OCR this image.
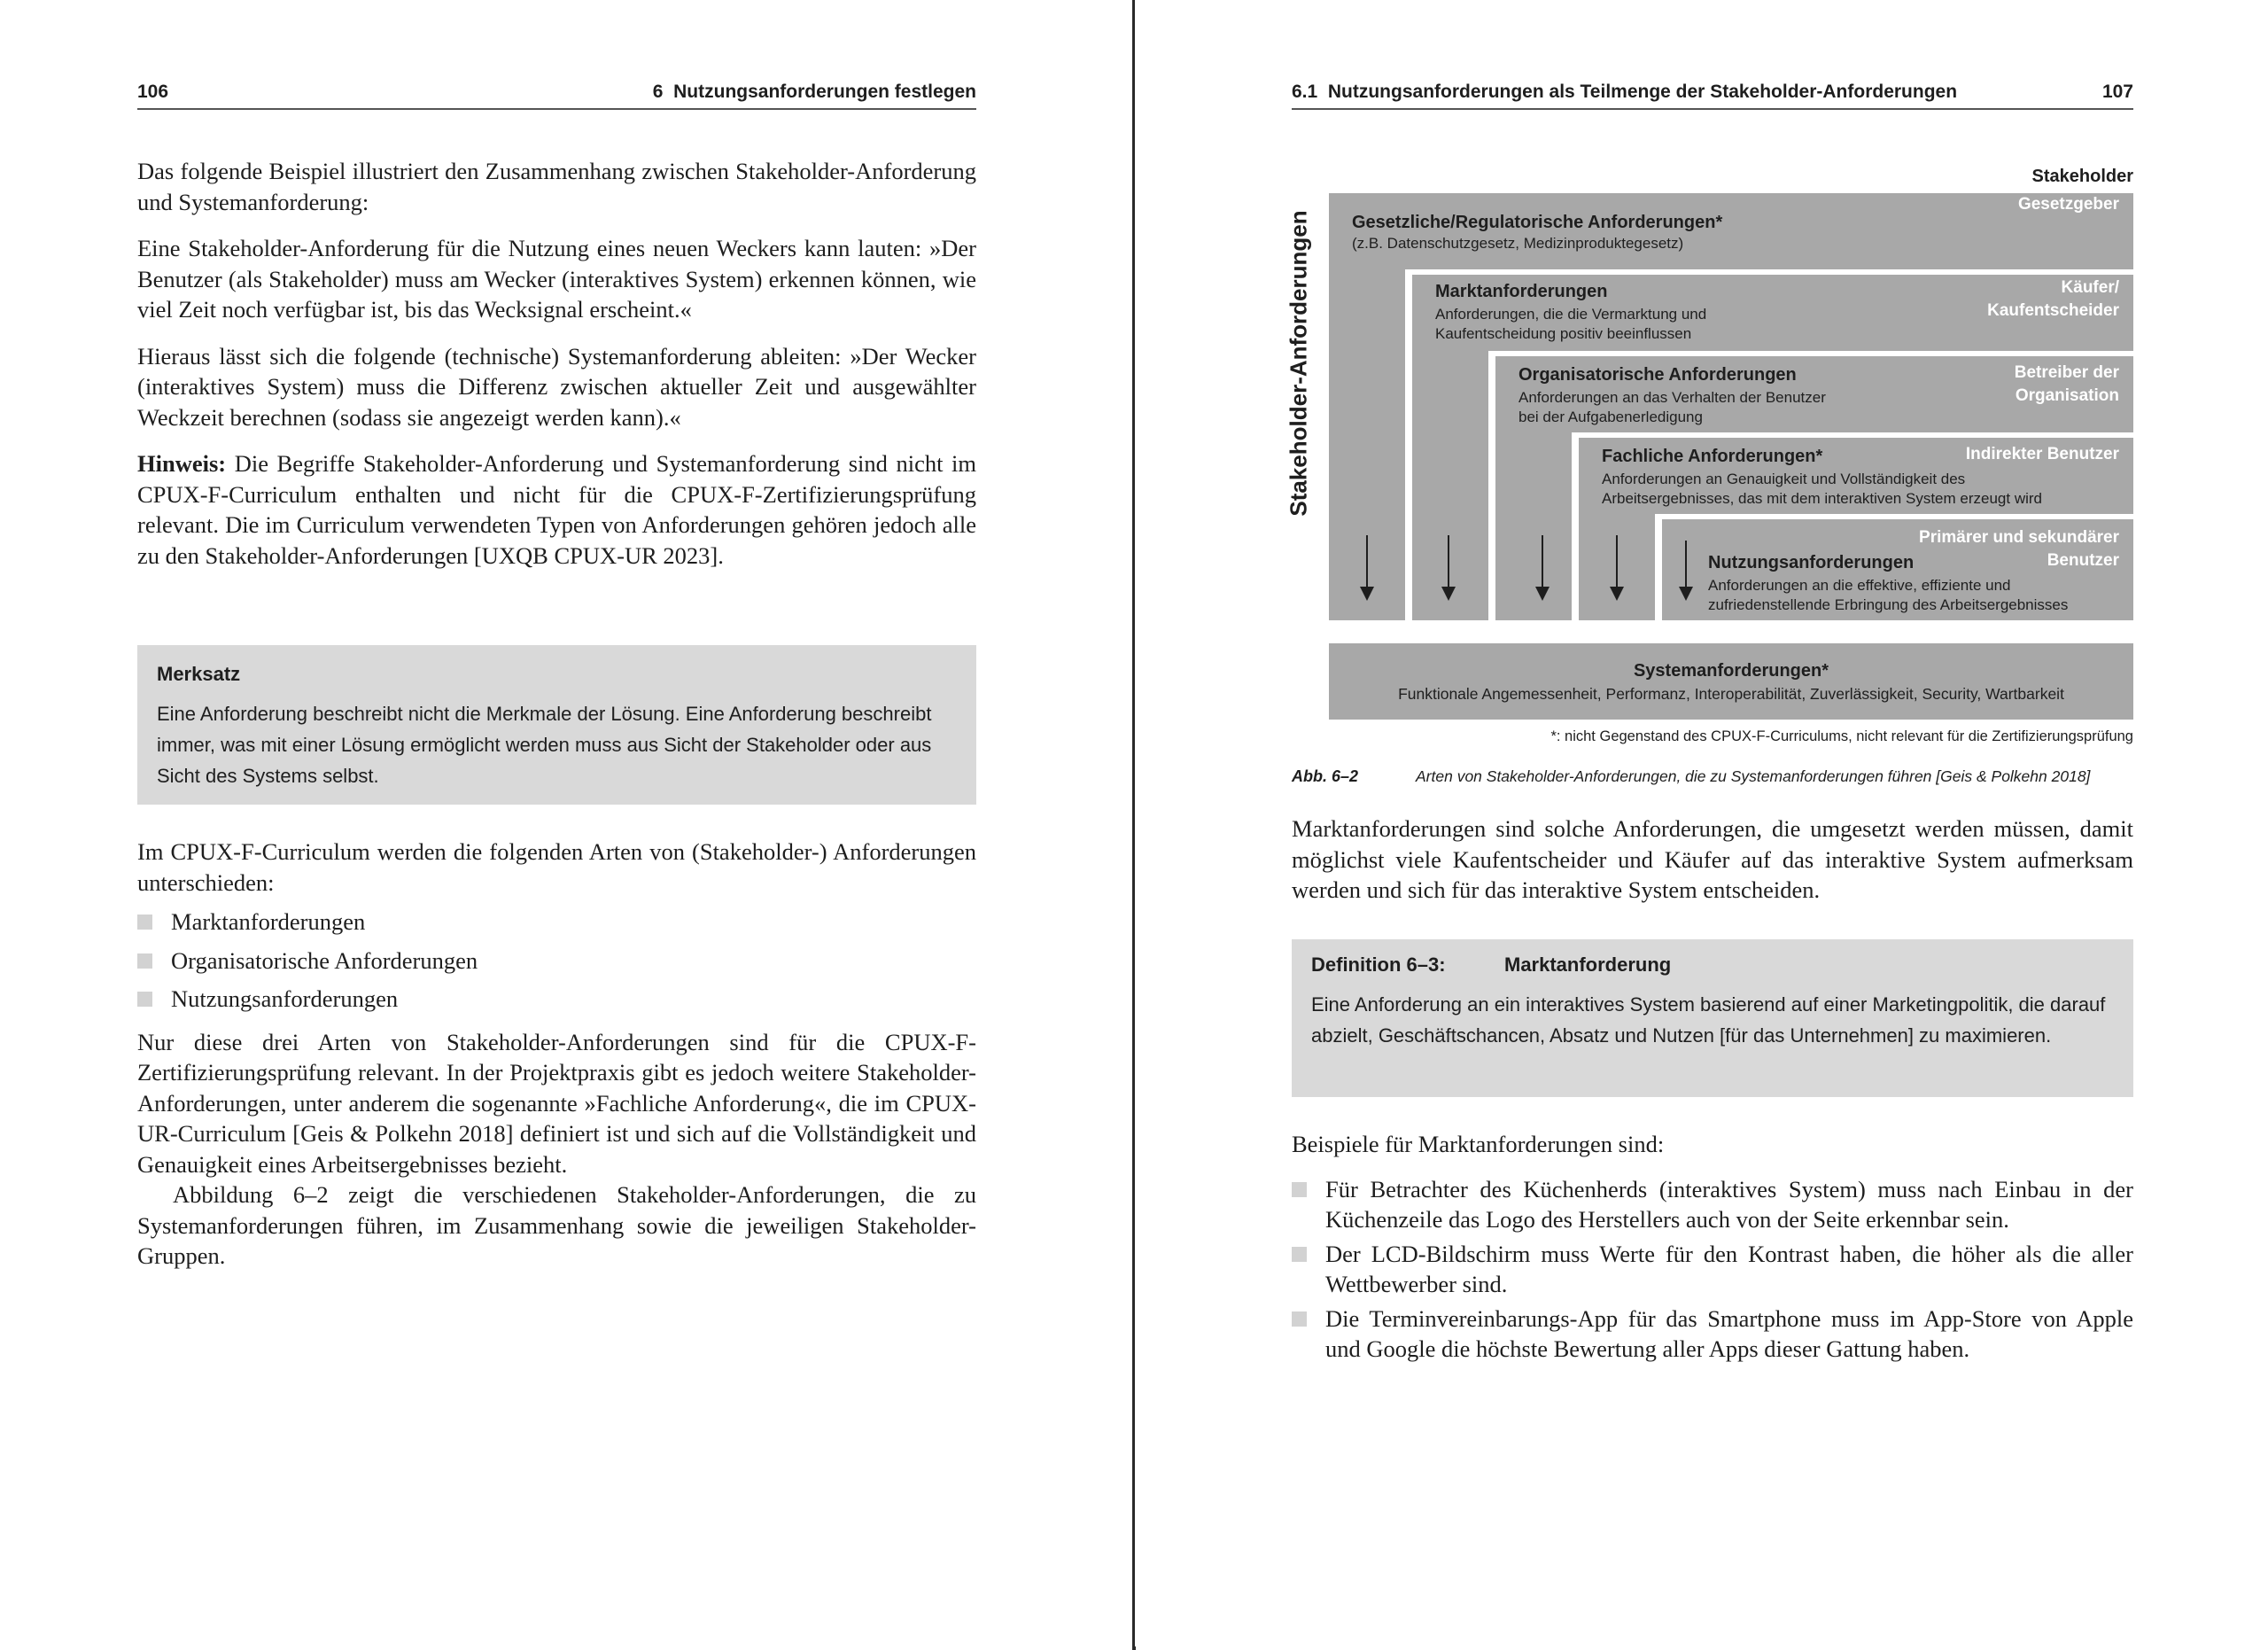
106	6  Nutzungsanforderungen festlegen

Das folgende Beispiel illustriert den Zusammenhang zwischen Stakeholder-Anforderung und Systemanforderung:

Eine Stakeholder-Anforderung für die Nutzung eines neuen Weckers kann lauten: »Der Benutzer (als Stakeholder) muss am Wecker (interaktives System) erkennen können, wie viel Zeit noch verfügbar ist, bis das Wecksignal erscheint.«

Hieraus lässt sich die folgende (technische) Systemanforderung ableiten: »Der Wecker (interaktives System) muss die Differenz zwischen aktueller Zeit und ausgewählter Weckzeit berechnen (sodass sie angezeigt werden kann).«

Hinweis: Die Begriffe Stakeholder-Anforderung und Systemanforderung sind nicht im CPUX-F-Curriculum enthalten und nicht für die CPUX-F-Zertifizierungsprüfung relevant. Die im Curriculum verwendeten Typen von Anforderungen gehören jedoch alle zu den Stakeholder-Anforderungen [UXQB CPUX-UR 2023].

Merksatz
Eine Anforderung beschreibt nicht die Merkmale der Lösung. Eine Anforderung beschreibt immer, was mit einer Lösung ermöglicht werden muss aus Sicht der Stakeholder oder aus Sicht des Systems selbst.

Im CPUX-F-Curriculum werden die folgenden Arten von (Stakeholder-) Anforderungen unterschieden:

Marktanforderungen
Organisatorische Anforderungen
Nutzungsanforderungen

Nur diese drei Arten von Stakeholder-Anforderungen sind für die CPUX-F-Zertifizierungsprüfung relevant. In der Projektpraxis gibt es jedoch weitere Stakeholder-Anforderungen, unter anderem die sogenannte »Fachliche Anforderung«, die im CPUX-UR-Curriculum [Geis & Polkehn 2018] definiert ist und sich auf die Vollständigkeit und Genauigkeit eines Arbeitsergebnisses bezieht.

Abbildung 6–2 zeigt die verschiedenen Stakeholder-Anforderungen, die zu Systemanforderungen führen, im Zusammenhang sowie die jeweiligen Stakeholder-Gruppen.

6.1  Nutzungsanforderungen als Teilmenge der Stakeholder-Anforderungen	107
Stakeholder
Stakeholder-Anforderungen Gesetzliche/Regulatorische Anforderungen*
(z.B. Datenschutzgesetz, Medizinproduktegesetz)
Gesetzgeber
Marktanforderungen
Anforderungen, die die Vermarktung und
Kaufentscheidung positiv beeinflussen
Käufer/
Kaufentscheider
Organisatorische Anforderungen
Anforderungen an das Verhalten der Benutzer
bei der Aufgabenerledigung
Betreiber der
Organisation
Fachliche Anforderungen*
Anforderungen an Genauigkeit und Vollständigkeit des
Arbeitsergebnisses, das mit dem interaktiven System erzeugt wird
Indirekter Benutzer
Nutzungsanforderungen
Anforderungen an die effektive, effiziente und
zufriedenstellende Erbringung des Arbeitsergebnisses
Primärer und sekundärer
Benutzer
Systemanforderungen*
Funktionale Angemessenheit, Performanz, Interoperabilität, Zuverlässigkeit, Security, Wartbarkeit
*: nicht Gegenstand des CPUX-F-Curriculums, nicht relevant für die Zertifizierungsprüfung
Abb. 6–2	Arten von Stakeholder-Anforderungen, die zu Systemanforderungen führen [Geis & Polkehn 2018]

Marktanforderungen sind solche Anforderungen, die umgesetzt werden müssen, damit möglichst viele Kaufentscheider und Käufer auf das interaktive System aufmerksam werden und sich für das interaktive System entscheiden.

Definition 6–3:	Marktanforderung
Eine Anforderung an ein interaktives System basierend auf einer Marketingpolitik, die darauf abzielt, Geschäftschancen, Absatz und Nutzen [für das Unternehmen] zu maximieren.

Beispiele für Marktanforderungen sind:

Für Betrachter des Küchenherds (interaktives System) muss nach Einbau in der Küchenzeile das Logo des Herstellers auch von der Seite erkennbar sein.
Der LCD-Bildschirm muss Werte für den Kontrast haben, die höher als die aller Wettbewerber sind.
Die Terminvereinbarungs-App für das Smartphone muss im App-Store von Apple und Google die höchste Bewertung aller Apps dieser Gattung haben.
